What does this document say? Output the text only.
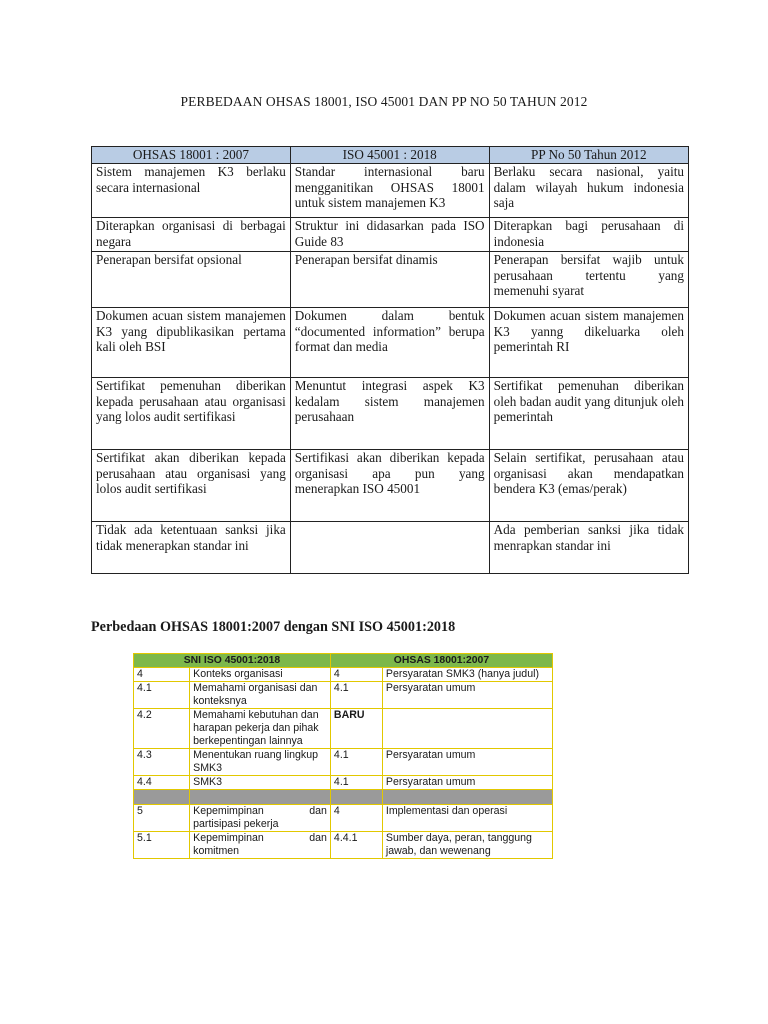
PERBEDAAN OHSAS 18001, ISO 45001 DAN PP NO 50 TAHUN 2012
OHSAS 18001 : 2007	ISO 45001 : 2018	PP No 50 Tahun 2012
Sistem manajemen K3 berlaku secara internasional	Standar internasional baru mengganitikan OHSAS 18001 untuk sistem manajemen K3	Berlaku secara nasional, yaitu dalam wilayah hukum indonesia saja
Diterapkan organisasi di berbagai negara	Struktur ini didasarkan pada ISO Guide 83	Diterapkan bagi perusahaan di indonesia
Penerapan bersifat opsional	Penerapan bersifat dinamis	Penerapan bersifat wajib untuk perusahaan tertentu yang memenuhi syarat
Dokumen acuan sistem manajemen K3 yang dipublikasikan pertama kali oleh BSI	Dokumen dalam bentuk “documented information” berupa format dan media	Dokumen acuan sistem manajemen K3 yanng dikeluarka oleh pemerintah RI
Sertifikat pemenuhan diberikan kepada perusahaan atau organisasi yang lolos audit sertifikasi	Menuntut integrasi aspek K3 kedalam sistem manajemen perusahaan	Sertifikat pemenuhan diberikan oleh badan audit yang ditunjuk oleh pemerintah
Sertifikat akan diberikan kepada perusahaan atau organisasi yang lolos audit sertifikasi	Sertifikasi akan diberikan kepada organisasi apa pun yang menerapkan ISO 45001	Selain sertifikat, perusahaan atau organisasi akan mendapatkan bendera K3 (emas/perak)
Tidak ada ketentuaan sanksi jika tidak menerapkan standar ini		Ada pemberian sanksi jika tidak menrapkan standar ini
Perbedaan OHSAS 18001:2007 dengan SNI ISO 45001:2018
SNI ISO 45001:2018		OHSAS 18001:2007	
4	Konteks organisasi	4	Persyaratan SMK3 (hanya judul)
4.1	Memahami organisasi dan konteksnya	4.1	Persyaratan umum
4.2	Memahami kebutuhan dan harapan pekerja dan pihak berkepentingan lainnya	BARU	
4.3	Menentukan ruang lingkup SMK3	4.1	Persyaratan umum
4.4	SMK3	4.1	Persyaratan umum

5	Kepemimpinan dan partisipasi pekerja	4	Implementasi dan operasi
5.1	Kepemimpinan dan komitmen	4.4.1	Sumber daya, peran, tanggung jawab, dan wewenang
